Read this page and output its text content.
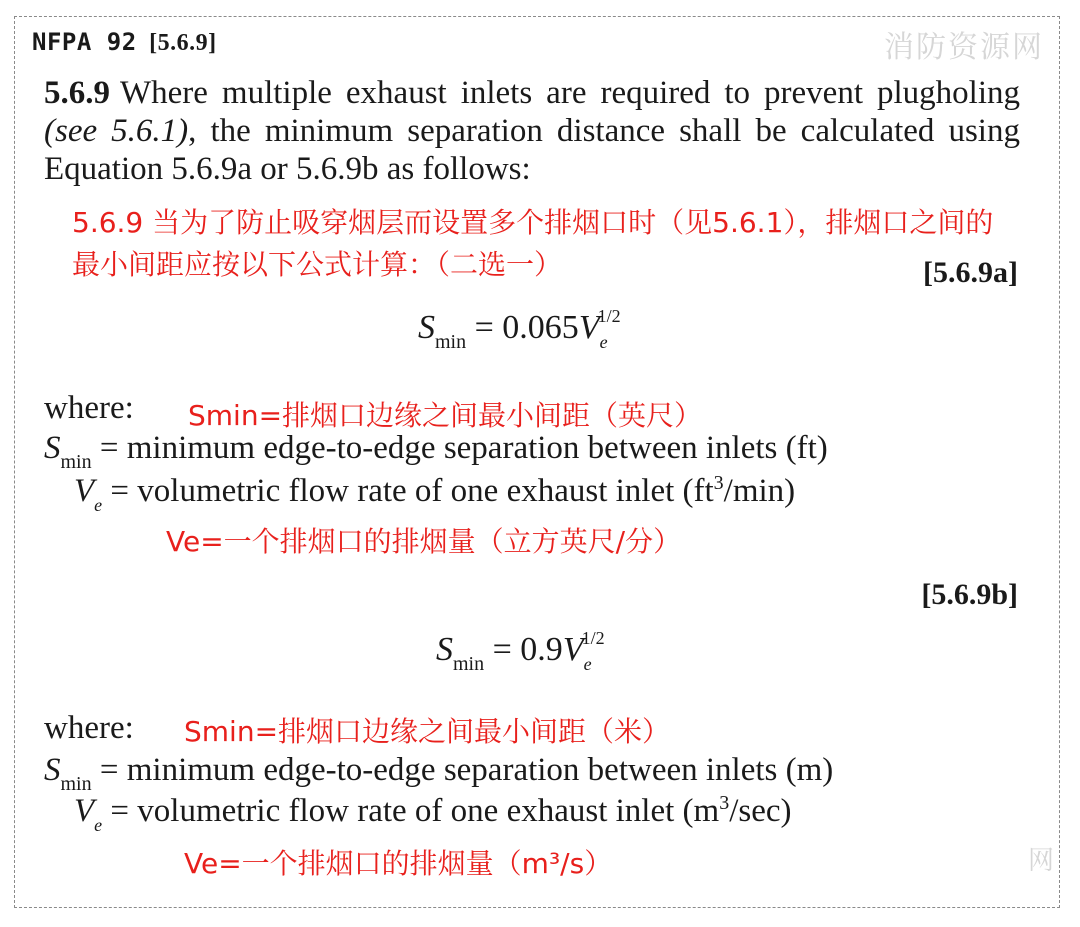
NFPA 92 [5.6.9]	消防资源网
网
5.6.9 Where multiple exhaust inlets are required to prevent plugholing (see 5.6.1), the minimum separation distance shall be calculated using Equation 5.6.9a or 5.6.9b as follows:
5.6.9 当为了防止吸穿烟层而设置多个排烟口时（见5.6.1），排烟口之间的最小间距应按以下公式计算：（二选一）	[5.6.9a]
$S_{min} = 0.065V_e^{1/2}$
where: Smin=排烟口边缘之间最小间距（英尺）
$S_{min}$ = minimum edge-to-edge separation between inlets (ft)
$V_e$ = volumetric flow rate of one exhaust inlet $(ft^3/\min)$
Ve=一个排烟口的排烟量（立方英尺/分）
[5.6.9b]
$S_{min} = 0.9V_e^{1/2}$
where: Smin=排烟口边缘之间最小间距（米）
$S_{min}$ = minimum edge-to-edge separation between inlets (m)
$V_e$ = volumetric flow rate of one exhaust inlet $(m^3/\sec)$
Ve=一个排烟口的排烟量（m³/s）
